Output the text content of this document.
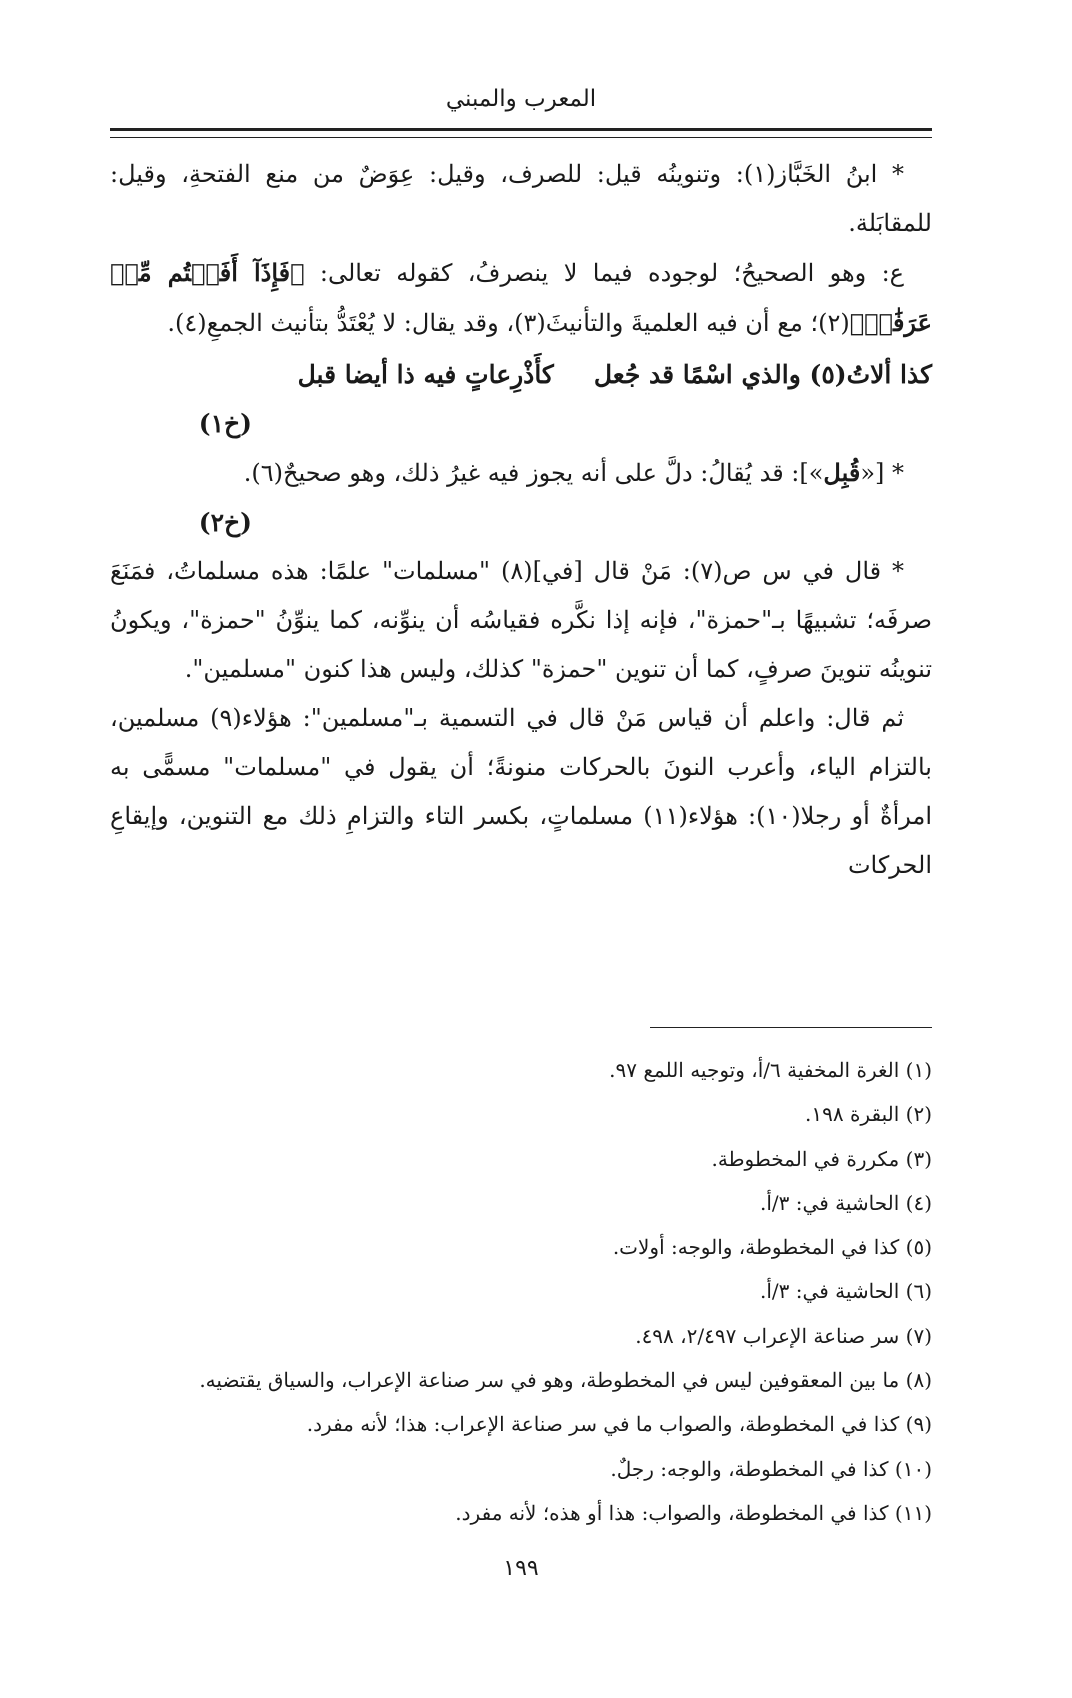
المعرب والمبني

* ابنُ الخَبَّاز(١): وتنوينُه قيل: للصرف، وقيل: عِوَضٌ من منع الفتحةِ، وقيل: للمقابَلة.

ع: وهو الصحيحُ؛ لوجوده فيما لا ينصرفُ، كقوله تعالى: ﴿فَإِذَآ أَفَضۡتُم مِّنۡ عَرَفَٰتٖ﴾(٢)؛ مع أن فيه العلميةَ والتأنيثَ(٣)، وقد يقال: لا يُعْتَدُّ بتأنيث الجمعِ(٤).

كذا ألاتُ(٥) والذي اسْمًا قد جُعلكأَذْرِعاتٍ فيه ذا أيضا قبل

(خ١)

* [«قُبِل»]: قد يُقالُ: دلَّ على أنه يجوز فيه غيرُ ذلك، وهو صحيحٌ(٦).

(خ٢)

* قال في س ص(٧): مَنْ قال [في](٨) "مسلمات" علمًا: هذه مسلماتُ، فمَنَعَ صرفَه؛ تشبيهًا بـ"حمزة"، فإنه إذا نكَّره فقياسُه أن ينوِّنه، كما ينوِّنُ "حمزة"، ويكونُ تنوينُه تنوينَ صرفٍ، كما أن تنوين "حمزة" كذلك، وليس هذا كنون "مسلمين".

ثم قال: واعلم أن قياس مَنْ قال في التسمية بـ"مسلمين": هؤلاء(٩) مسلمين، بالتزام الياء، وأعرب النونَ بالحركات منونةً؛ أن يقول في "مسلمات" مسمًّى به امرأةٌ أو رجلا(١٠): هؤلاء(١١) مسلماتٍ، بكسر التاء والتزامِ ذلك مع التنوين، وإيقاعِ الحركات

(١) الغرة المخفية ٦/أ، وتوجيه اللمع ٩٧.
(٢) البقرة ١٩٨.
(٣) مكررة في المخطوطة.
(٤) الحاشية في: ٣/أ.
(٥) كذا في المخطوطة، والوجه: أولات.
(٦) الحاشية في: ٣/أ.
(٧) سر صناعة الإعراب ٢/٤٩٧، ٤٩٨.
(٨) ما بين المعقوفين ليس في المخطوطة، وهو في سر صناعة الإعراب، والسياق يقتضيه.
(٩) كذا في المخطوطة، والصواب ما في سر صناعة الإعراب: هذا؛ لأنه مفرد.
(١٠) كذا في المخطوطة، والوجه: رجلٌ.
(١١) كذا في المخطوطة، والصواب: هذا أو هذه؛ لأنه مفرد.
١٩٩
